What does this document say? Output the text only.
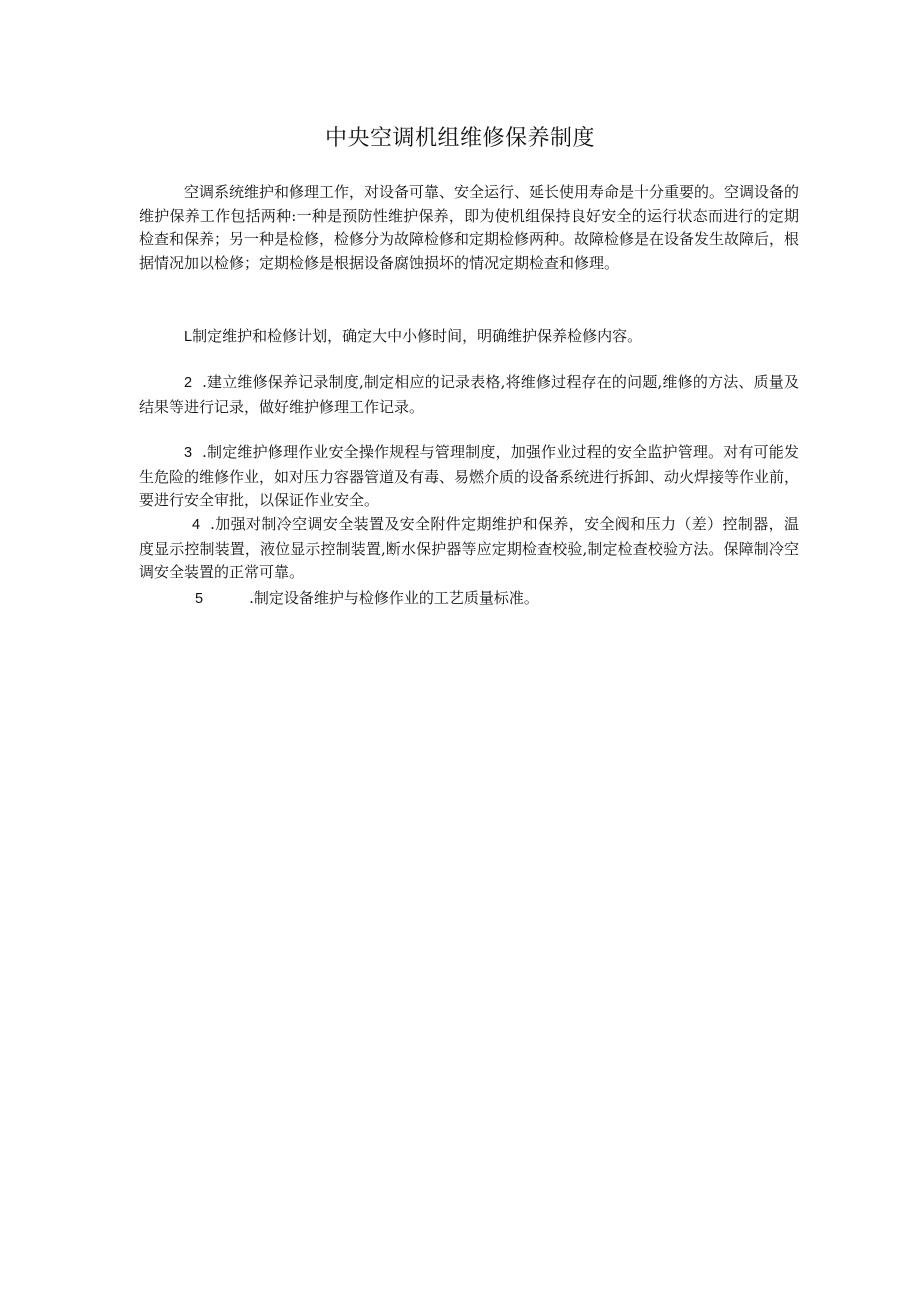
中央空调机组维修保养制度

空调系统维护和修理工作，对设备可靠、安全运行、延长使用寿命是十分重要的。空调设备的维护保养工作包括两种:一种是预防性维护保养，即为使机组保持良好安全的运行状态而进行的定期检查和保养；另一种是检修，检修分为故障检修和定期检修两种。故障检修是在设备发生故障后，根据情况加以检修；定期检修是根据设备腐蚀损坏的情况定期检查和修理。

L制定维护和检修计划，确定大中小修时间，明确维护保养检修内容。

2 .建立维修保养记录制度,制定相应的记录表格,将维修过程存在的问题,维修的方法、质量及结果等进行记录，做好维护修理工作记录。

3 .制定维护修理作业安全操作规程与管理制度，加强作业过程的安全监护管理。对有可能发生危险的维修作业，如对压力容器管道及有毒、易燃介质的设备系统进行拆卸、动火焊接等作业前，要进行安全审批，以保证作业安全。

4 .加强对制冷空调安全装置及安全附件定期维护和保养，安全阀和压力（差）控制器，温度显示控制装置，液位显示控制装置,断水保护器等应定期检查校验,制定检查校验方法。保障制冷空调安全装置的正常可靠。

5	.制定设备维护与检修作业的工艺质量标准。
